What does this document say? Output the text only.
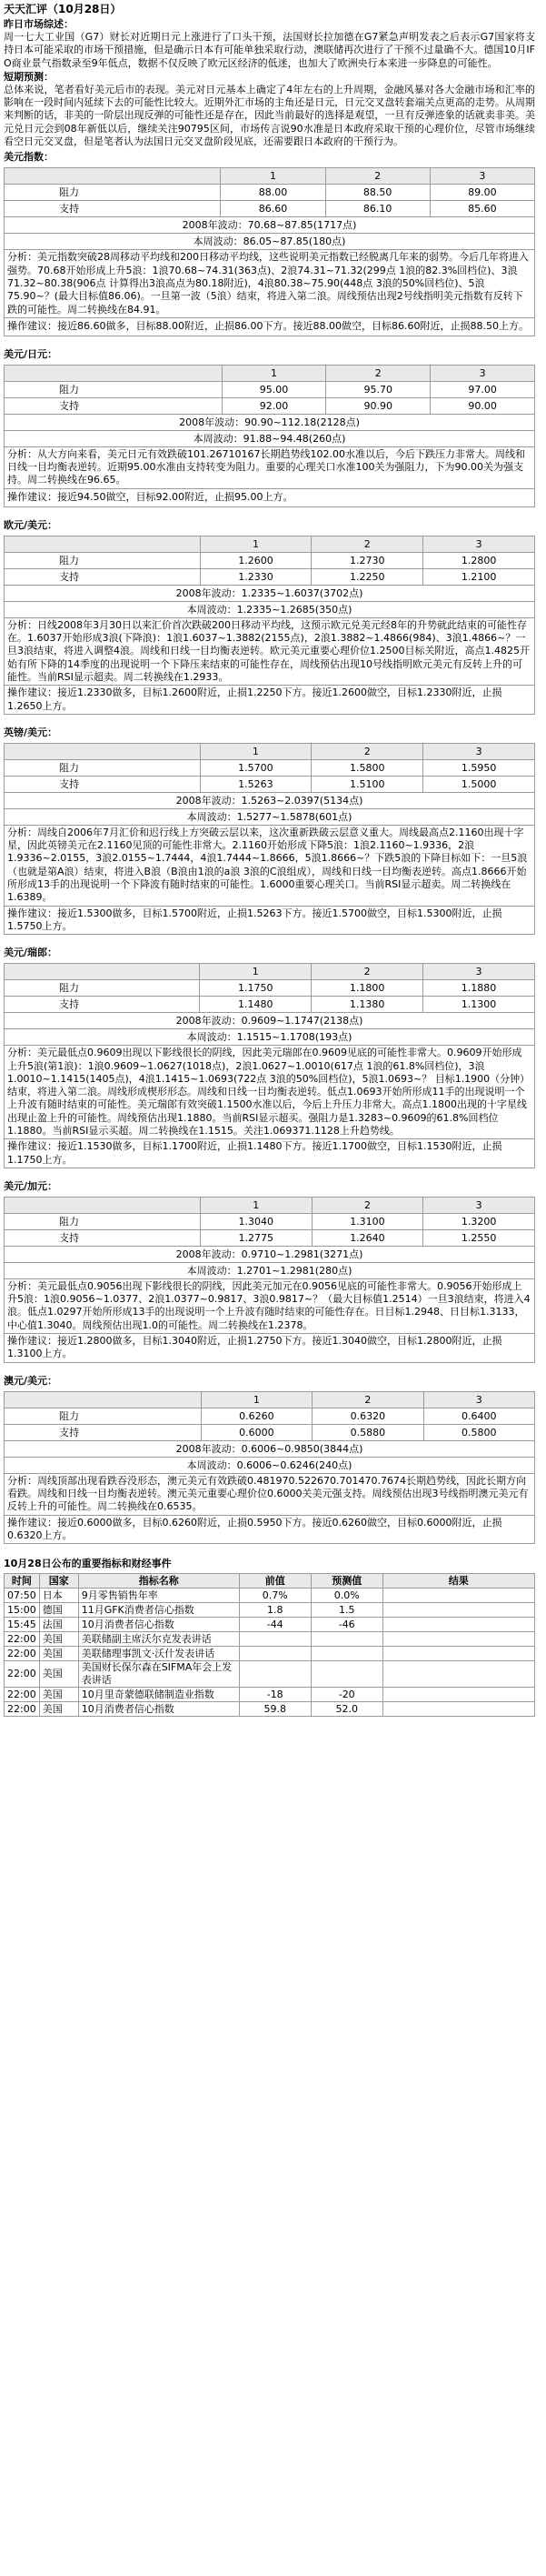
天天汇评（10月28日）
昨日市场综述：
周一七大工业国（G7）财长对近期日元上涨进行了口头干预，法国财长拉加德在G7紧急声明发表之后表示G7国家将支持日本可能采取的市场干预措施，但是确示日本有可能单独采取行动，澳联储再次进行了干预不过量确不大。德国10月IFO商业景气指数录至9年低点，数据不仅反映了欧元区经济的低迷，也加大了欧洲央行本来进一步降息的可能性。
短期预测：
总体来说，笔者看好美元后市的表现。美元对日元基本上确定了4年左右的上升周期，金融风暴对各大金融市场和汇率的影响在一段时间内延续下去的可能性比较大。近期外汇市场的主角还是日元，日元交叉盘转套端关点更高的走势。从周期来判断的话，非美的一阶层出现反弹的可能性还是存在，因此当前最好的选择是观望，一旦有反弹迹象的话就卖非美。美元兑日元会到08年新低以后，继续关注90795区间，市场传言说90水准是日本政府采取干预的心理价位，尽管市场继续看空日元交叉盘，但是笔者认为法国日元交叉盘阶段见底，还需要跟日本政府的干预行为。
美元指数：
	1	2	3
阻力	88.00	88.50	89.00
支持	86.60	86.10	85.60
2008年波动：70.68~87.85(1717点)			
本周波动：86.05~87.85(180点)			
分析：美元指数突破28周移动平均线和200日移动平均线，这些说明美元指数已经脱离几年来的弱势。今后几年将进入强势。70.68开始形成上升5浪：1浪70.68~74.31(363点)、2浪74.31~71.32(299点 1浪的82.3%回档位)、3浪71.32~80.38(906点 计算得出3浪高点为80.18附近)，4浪80.38~75.90(448点 3浪的50%回档位)、5浪75.90~？(最大目标值86.06)。一旦第一波（5浪）结束，将进入第二浪。周线预估出现2号线指明美元指数有反转下跌的可能性。周二转换线在84.91。			
操作建议：接近86.60做多，目标88.00附近，止损86.00下方。接近88.00做空，目标86.60附近，止损88.50上方。			
美元/日元：
	1	2	3
阻力	95.00	95.70	97.00
支持	92.00	90.90	90.00
2008年波动：90.90~112.18(2128点)			
本周波动：91.88~94.48(260点)			
分析：从大方向来看，美元日元有效跌破101.26710167长期趋势线102.00水准以后，今后下跌压力非常大。周线和日线一目均衡表逆转。近期95.00水准由支持转变为阻力。重要的心理关口水准100关为强阻力，下为90.00关为强支持。周二转换线在96.65。			
操作建议：接近94.50做空，目标92.00附近，止损95.00上方。			
欧元/美元：
	1	2	3
阻力	1.2600	1.2730	1.2800
支持	1.2330	1.2250	1.2100
2008年波动：1.2335~1.6037(3702点)			
本周波动：1.2335~1.2685(350点)			
分析：日线2008年3月30日以来汇价首次跌破200日移动平均线，这预示欧元兑美元经8年的升势就此结束的可能性存在。1.6037开始形成3浪(下降浪)：1浪1.6037~1.3882(2155点)，2浪1.3882~1.4866(984)、3浪1.4866~？一旦3浪结束，将进入调整4浪。周线和日线一目均衡表逆转。欧元美元重要心理价位1.2500目标关附近，高点1.4825开始有所下降的14季度的出现说明一个下降压来结束的可能性存在，周线预估出现10号线指明欧元美元有反转上升的可能性。当前RSI显示超卖。周二转换线在1.2933。			
操作建议：接近1.2330做多，目标1.2600附近，止损1.2250下方。接近1.2600做空，目标1.2330附近，止损1.2650上方。			
英镑/美元：
	1	2	3
阻力	1.5700	1.5800	1.5950
支持	1.5263	1.5100	1.5000
2008年波动：1.5263~2.0397(5134点)			
本周波动：1.5277~1.5878(601点)			
分析：周线自2006年7月汇价和迟行线上方突破云层以来，这次重新跌破云层意义重大。周线最高点2.1160出现十字星，因此英镑美元在2.1160见顶的可能性非常大。2.1160开始形成下降5浪：1浪2.1160~1.9336，2浪1.9336~2.0155，3浪2.0155~1.7444，4浪1.7444~1.8666，5浪1.8666~？下跌5浪的下降目标如下：一旦5浪（也就是第A浪）结束，将进入B浪（B浪由1浪的a浪 3浪的C浪组成），周线和日线一目均衡表逆转。高点1.8666开始所形成13手的出现说明一个下降波有随时结束的可能性。1.6000重要心理关口。当前RSI显示超卖。周二转换线在1.6389。			
操作建议：接近1.5300做多，目标1.5700附近，止损1.5263下方。接近1.5700做空，目标1.5300附近，止损1.5750上方。			
美元/瑞郎：
	1	2	3
阻力	1.1750	1.1800	1.1880
支持	1.1480	1.1380	1.1300
2008年波动：0.9609~1.1747(2138点)			
本周波动：1.1515~1.1708(193点)			
分析：美元最低点0.9609出现以下影线很长的阴线，因此美元瑞郎在0.9609见底的可能性非常大。0.9609开始形成上升5浪(第1浪)：1浪0.9609~1.0627(1018点)，2浪1.0627~1.0010(617点 1浪的61.8%回档位)，3浪1.0010~1.1415(1405点)，4浪1.1415~1.0693(722点 3浪的50%回档位)，5浪1.0693~？ 目标1.1900（分钟）结束，将进入第二浪。周线形成楔形形态。周线和日线一目均衡表逆转。低点1.0693开始所形成11手的出现说明一个上升波有随时结束的可能性。美元瑞郎有效突破1.1500水准以后，今后上升压力非常大。高点1.1800出现的十字星线出现止盈上升的可能性。周线预估出现1.1880。当前RSI显示超买。强阻力是1.3283~0.9609的61.8%回档位1.1880。当前RSI显示买超。周二转换线在1.1515。关注1.069371.1128上升趋势线。			
操作建议：接近1.1530做多，目标1.1700附近，止损1.1480下方。接近1.1700做空，目标1.1530附近，止损1.1750上方。			
美元/加元：
	1	2	3
阻力	1.3040	1.3100	1.3200
支持	1.2775	1.2640	1.2550
2008年波动：0.9710~1.2981(3271点)			
本周波动：1.2701~1.2981(280点)			
分析：美元最低点0.9056出现下影线很长的阴线，因此美元加元在0.9056见底的可能性非常大。0.9056开始形成上升5浪：1浪0.9056~1.0377、2浪1.0377~0.9817、3浪0.9817~？（最大目标值1.2514）一旦3浪结束，将进入4浪。低点1.0297开始所形成13手的出现说明一个上升波有随时结束的可能性存在。日目标1.2948、日目标1.3133，中心值1.3040。周线预估出现1.0的可能性。周二转换线在1.2378。			
操作建议：接近1.2800做多，目标1.3040附近，止损1.2750下方。接近1.3040做空，目标1.2800附近，止损1.3100上方。			
澳元/美元：
	1	2	3
阻力	0.6260	0.6320	0.6400
支持	0.6000	0.5880	0.5800
2008年波动：0.6006~0.9850(3844点)			
本周波动：0.6006~0.6246(240点)			
分析：周线顶部出现看跌吞没形态，澳元美元有效跌破0.481970.522670.701470.7674长期趋势线，因此长期方向看跌。周线和日线一目均衡表逆转。澳元美元重要心理价位0.6000关美元强支持。周线预估出现3号线指明澳元美元有反转上升的可能性。周二转换线在0.6535。			
操作建议：接近0.6000做多，目标0.6260附近，止损0.5950下方。接近0.6260做空，目标0.6000附近，止损0.6320上方。			
10月28日公布的重要指标和财经事件
时间	国家	指标名称	前值	预测值	结果
07:50	日本	9月零售销售年率	0.7%	0.0%	
15:00	德国	11月GFK消费者信心指数	1.8	1.5	
15:45	法国	10月消费者信心指数	-44	-46	
22:00	美国	美联储副主席沃尔克发表讲话			
22:00	美国	美联储理事凯文·沃什发表讲话			
22:00	美国	美国财长保尔森在SIFMA年会上发表讲话			
22:00	美国	10月里奇蒙德联储制造业指数	-18	-20	
22:00	美国	10月消费者信心指数	59.8	52.0	
